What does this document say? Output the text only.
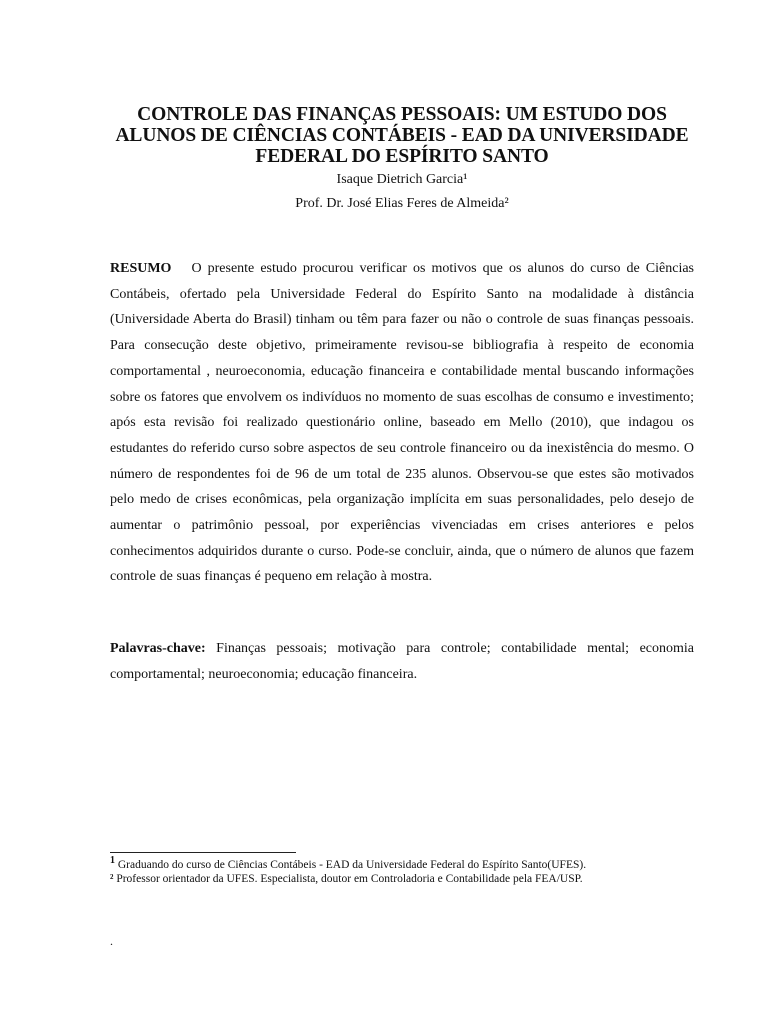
CONTROLE DAS FINANÇAS PESSOAIS: UM ESTUDO DOS ALUNOS DE CIÊNCIAS CONTÁBEIS - EAD DA UNIVERSIDADE FEDERAL DO ESPÍRITO SANTO
Isaque Dietrich Garcia¹
Prof. Dr. José Elias Feres de Almeida²

RESUMO O presente estudo procurou verificar os motivos que os alunos do curso de Ciências Contábeis, ofertado pela Universidade Federal do Espírito Santo na modalidade à distância (Universidade Aberta do Brasil) tinham ou têm para fazer ou não o controle de suas finanças pessoais. Para consecução deste objetivo, primeiramente revisou-se bibliografia à respeito de economia comportamental , neuroeconomia, educação financeira e contabilidade mental buscando informações sobre os fatores que envolvem os indivíduos no momento de suas escolhas de consumo e investimento; após esta revisão foi realizado questionário online, baseado em Mello (2010), que indagou os estudantes do referido curso sobre aspectos de seu controle financeiro ou da inexistência do mesmo. O número de respondentes foi de 96 de um total de 235 alunos. Observou-se que estes são motivados pelo medo de crises econômicas, pela organização implícita em suas personalidades, pelo desejo de aumentar o patrimônio pessoal, por experiências vivenciadas em crises anteriores e pelos conhecimentos adquiridos durante o curso. Pode-se concluir, ainda, que o número de alunos que fazem controle de suas finanças é pequeno em relação à mostra.

Palavras-chave: Finanças pessoais; motivação para controle; contabilidade mental; economia comportamental; neuroeconomia; educação financeira.

1 Graduando do curso de Ciências Contábeis - EAD da Universidade Federal do Espírito Santo(UFES).
² Professor orientador da UFES. Especialista, doutor em Controladoria e Contabilidade pela FEA/USP.
.
